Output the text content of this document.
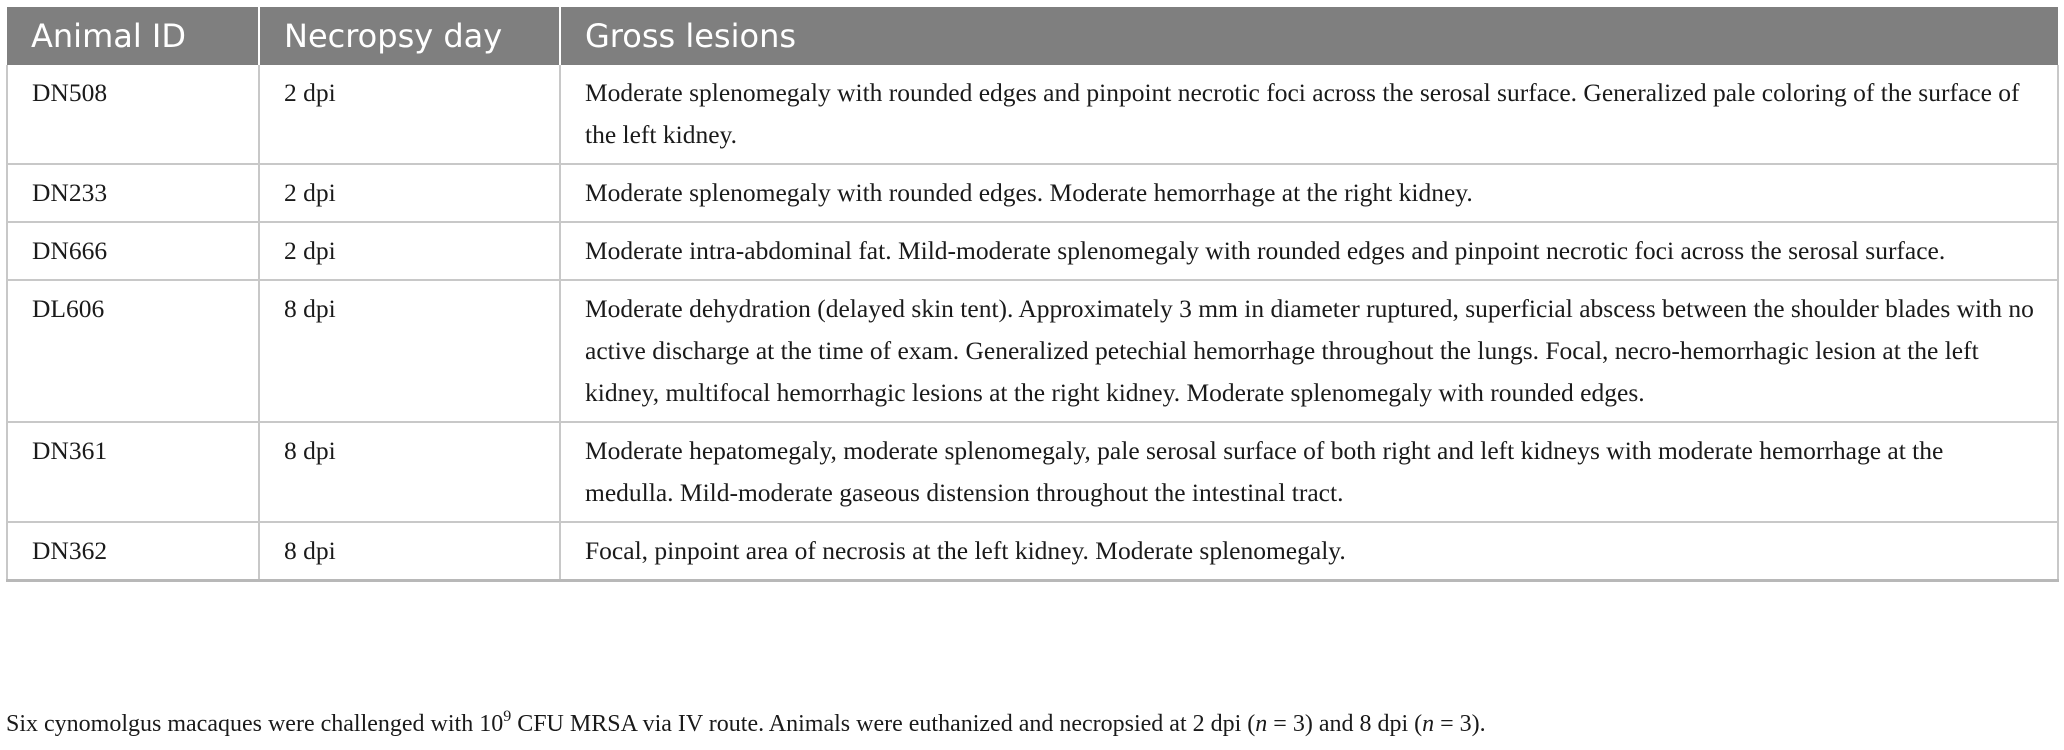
Animal ID	Necropsy day	Gross lesions
DN508	2 dpi	Moderate splenomegaly with rounded edges and pinpoint necrotic foci across the serosal surface. Generalized pale coloring of the surface of the left kidney.
DN233	2 dpi	Moderate splenomegaly with rounded edges. Moderate hemorrhage at the right kidney.
DN666	2 dpi	Moderate intra-abdominal fat. Mild-moderate splenomegaly with rounded edges and pinpoint necrotic foci across the serosal surface.
DL606	8 dpi	Moderate dehydration (delayed skin tent). Approximately 3 mm in diameter ruptured, superficial abscess between the shoulder blades with no active discharge at the time of exam. Generalized petechial hemorrhage throughout the lungs. Focal, necro-hemorrhagic lesion at the left kidney, multifocal hemorrhagic lesions at the right kidney. Moderate splenomegaly with rounded edges.
DN361	8 dpi	Moderate hepatomegaly, moderate splenomegaly, pale serosal surface of both right and left kidneys with moderate hemorrhage at the medulla. Mild-moderate gaseous distension throughout the intestinal tract.
DN362	8 dpi	Focal, pinpoint area of necrosis at the left kidney. Moderate splenomegaly.
Six cynomolgus macaques were challenged with $10^9$ CFU MRSA via IV route. Animals were euthanized and necropsied at 2 dpi (n = 3) and 8 dpi (n = 3).
